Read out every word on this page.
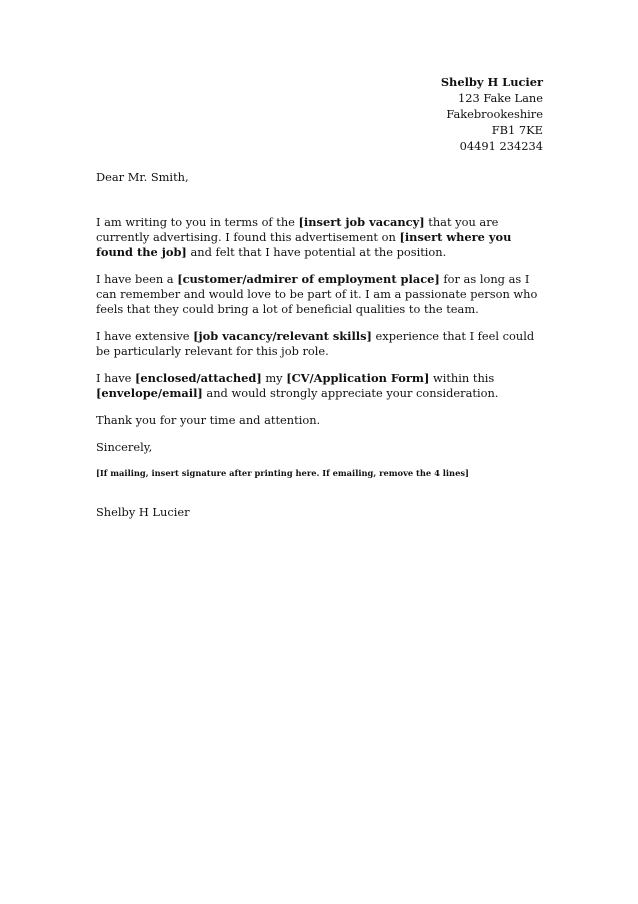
Shelby H Lucier
123 Fake Lane
Fakebrookeshire
FB1 7KE
04491 234234

Dear Mr. Smith,

I am writing to you in terms of the [insert job vacancy] that you are currently advertising. I found this advertisement on [insert where you found the job] and felt that I have potential at the position.

I have been a [customer/admirer of employment place] for as long as I can remember and would love to be part of it. I am a passionate person who feels that they could bring a lot of beneficial qualities to the team.

I have extensive [job vacancy/relevant skills] experience that I feel could be particularly relevant for this job role.

I have [enclosed/attached] my [CV/Application Form] within this [envelope/email] and would strongly appreciate your consideration.

Thank you for your time and attention.

Sincerely,

[If mailing, insert signature after printing here. If emailing, remove the 4 lines]

Shelby H Lucier
